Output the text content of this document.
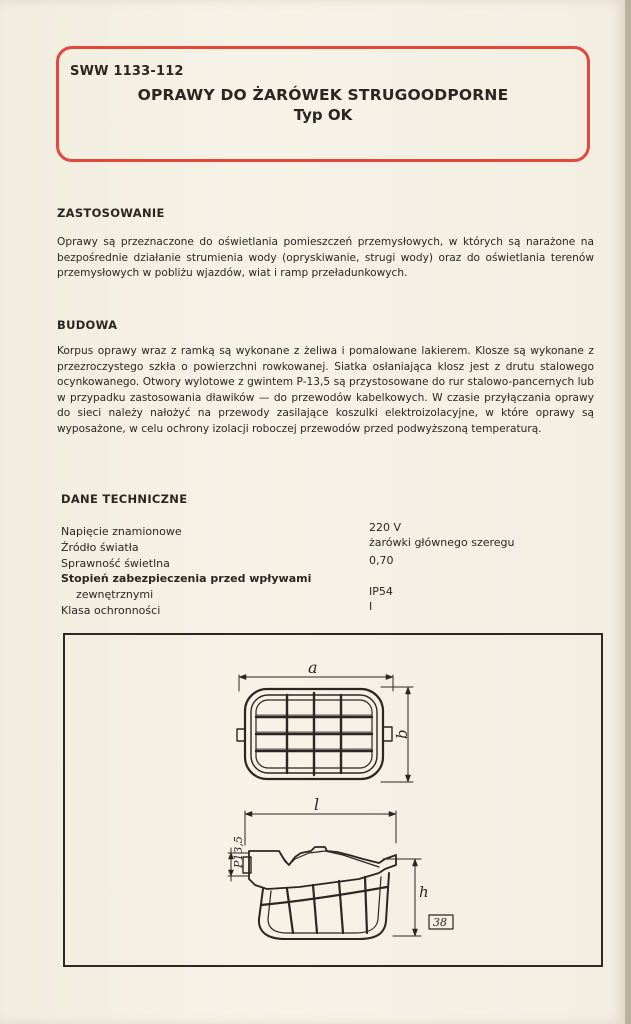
SWW 1133-112
OPRAWY DO ŻARÓWEK STRUGOODPORNE
Typ OK
ZASTOSOWANIE
Oprawy są przeznaczone do oświetlania pomieszczeń przemysłowych, w których są narażone na bezpośrednie działanie strumienia wody (opryskiwanie, strugi wody) oraz do oświetlania terenów przemysłowych w pobliżu wjazdów, wiat i ramp przeładunkowych.
BUDOWA
Korpus oprawy wraz z ramką są wykonane z żeliwa i pomalowane lakierem. Klosze są wykonane z przezroczystego szkła o powierzchni rowkowanej. Siatka osłaniająca klosz jest z drutu stalowego ocynkowanego. Otwory wylotowe z gwintem P-13,5 są przystosowane do rur stalowo-pancernych lub w przypadku zastosowania dławików — do przewodów kabelkowych. W czasie przyłączania oprawy do sieci należy nałożyć na przewody zasilające koszulki elektroizolacyjne, w które oprawy są wyposażone, w celu ochrony izolacji roboczej przewodów przed podwyższoną temperaturą.
DANE TECHNICZNE
Napięcie znamionowe	220 V
Źródło światła	żarówki głównego szeregu
Sprawność świetlna	0,70
Stopień zabezpieczenia przed wpływami
zewnętrznymi	IP54
Klasa ochronności	I
a
b
l
h
P13,5
38
